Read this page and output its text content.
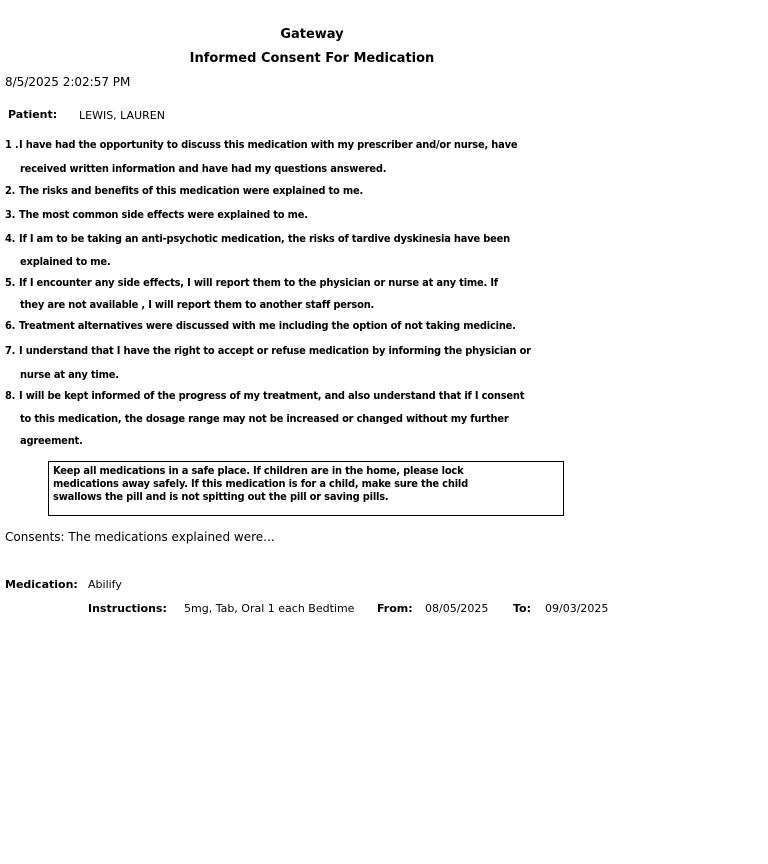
Gateway
Informed Consent For Medication
8/5/2025 2:02:57 PM
Patient: LEWIS, LAUREN
1 .I have had the opportunity to discuss this medication with my prescriber and/or nurse, have
received written information and have had my questions answered.
2. The risks and benefits of this medication were explained to me.
3. The most common side effects were explained to me.
4. If I am to be taking an anti-psychotic medication, the risks of tardive dyskinesia have been
explained to me.
5. If I encounter any side effects, I will report them to the physician or nurse at any time. If
they are not available , I will report them to another staff person.
6. Treatment alternatives were discussed with me including the option of not taking medicine.
7. I understand that I have the right to accept or refuse medication by informing the physician or
nurse at any time.
8. I will be kept informed of the progress of my treatment, and also understand that if I consent
to this medication, the dosage range may not be increased or changed without my further
agreement.
Keep all medications in a safe place. If children are in the home, please lock
medications away safely. If this medication is for a child, make sure the child
swallows the pill and is not spitting out the pill or saving pills.
Consents: The medications explained were...
Medication: Abilify
Instructions: 5mg, Tab, Oral 1 each Bedtime From: 08/05/2025 To: 09/03/2025
